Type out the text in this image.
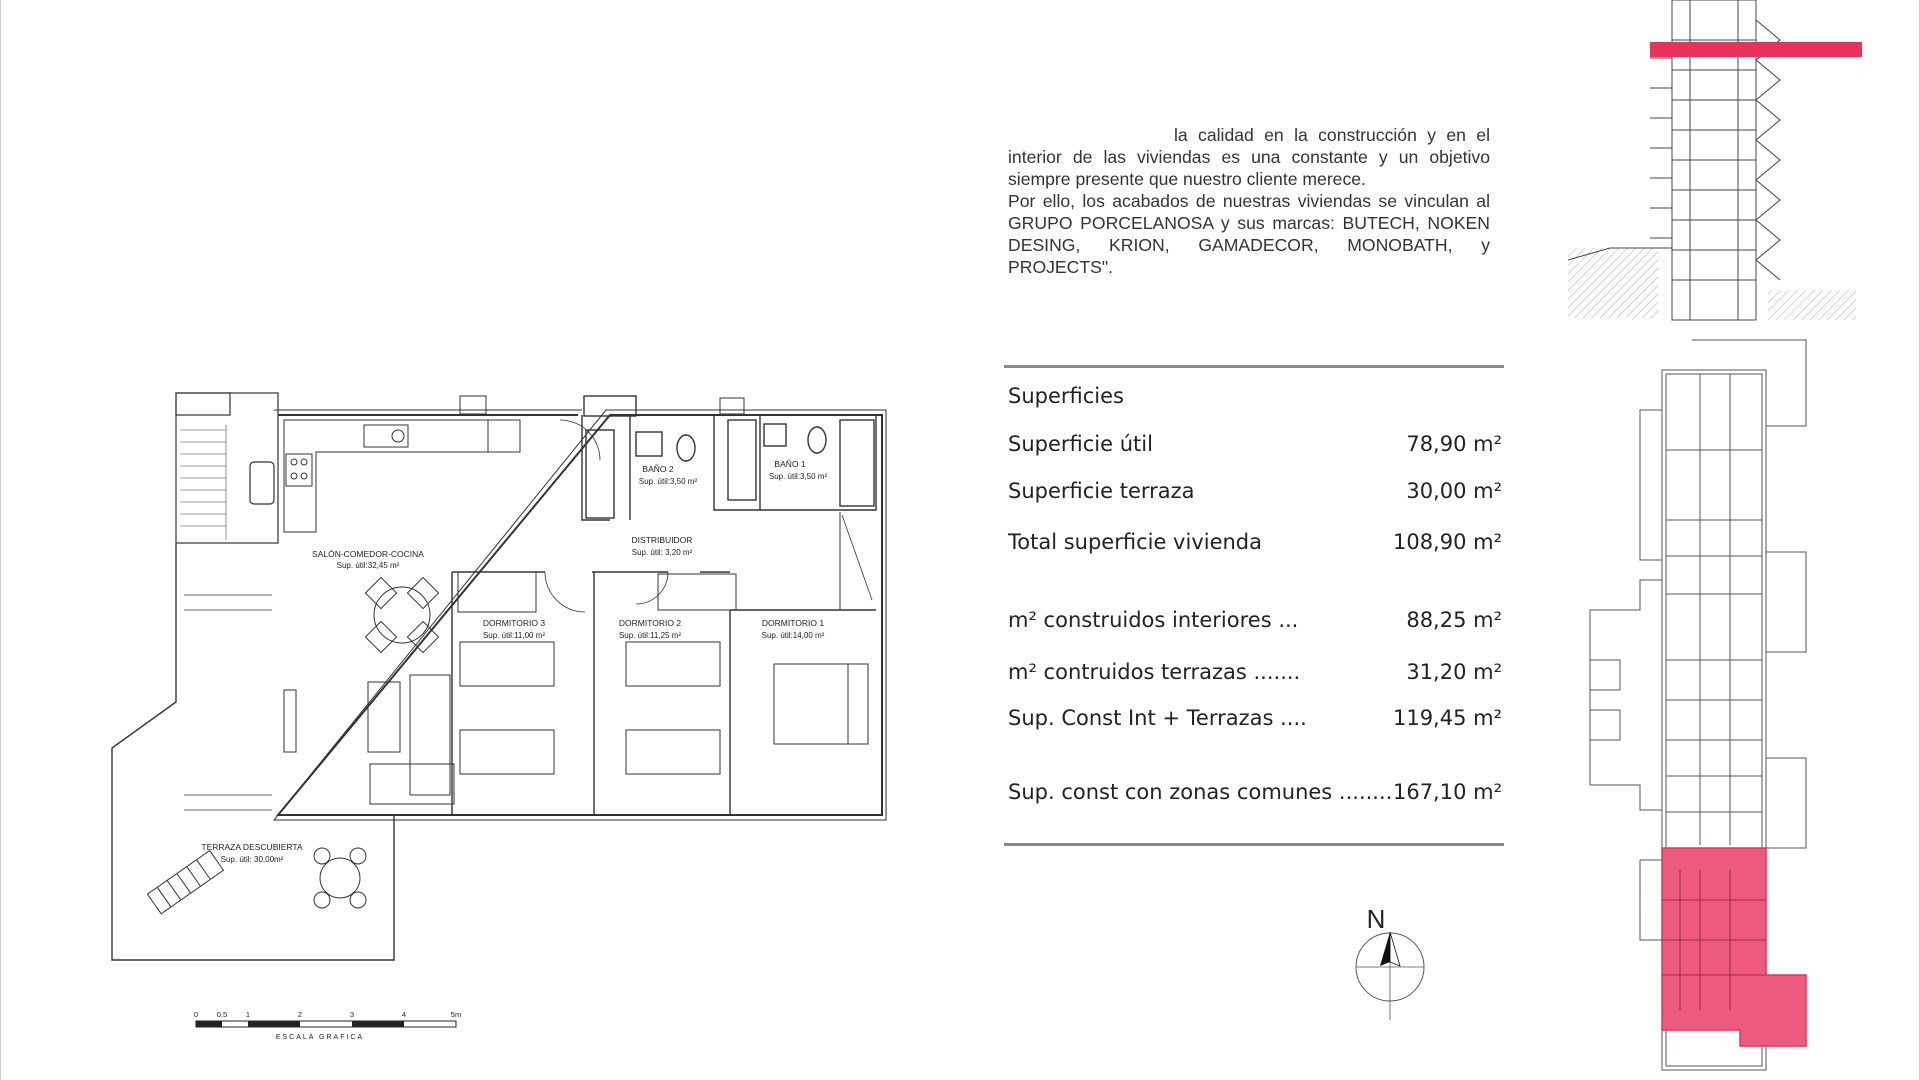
la calidad en la construcción y en el

interior de las viviendas es una constante y un objetivo

siempre presente que nuestro cliente merece.

Por ello, los acabados de nuestras viviendas se vinculan al

GRUPO PORCELANOSA y sus marcas: BUTECH, NOKEN

DESING, KRION, GAMADECOR, MONOBATH, y PROJECTS".

Superficies
Superficie útil	78,90 m²
Superficie terraza	30,00 m²
Total superficie vivienda	108,90 m²
m² construidos interiores ...	88,25 m²
m² contruidos terrazas .......	31,20 m²
Sup. Const Int + Terrazas ....	119,45 m²
Sup. const con zonas comunes ........ 167,10 m²
SALÓN-COMEDOR-COCINA
Sup. útil:32,45 m²
BAÑO 2
Sup. útil:3,50 m²
BAÑO 1
Sup. útil:3,50 m²
DISTRIBUIDOR
Sup. útil: 3,20 m²
DORMITORIO 3
Sup. útil:11,00 m²
DORMITORIO 2
Sup. útil:11,25 m²
DORMITORIO 1
Sup. útil:14,00 m²
TERRAZA DESCUBIERTA
Sup. útil: 30,00m²
0 0.5 1	2	3	4	5m
ESCALA GRAFICA
N
